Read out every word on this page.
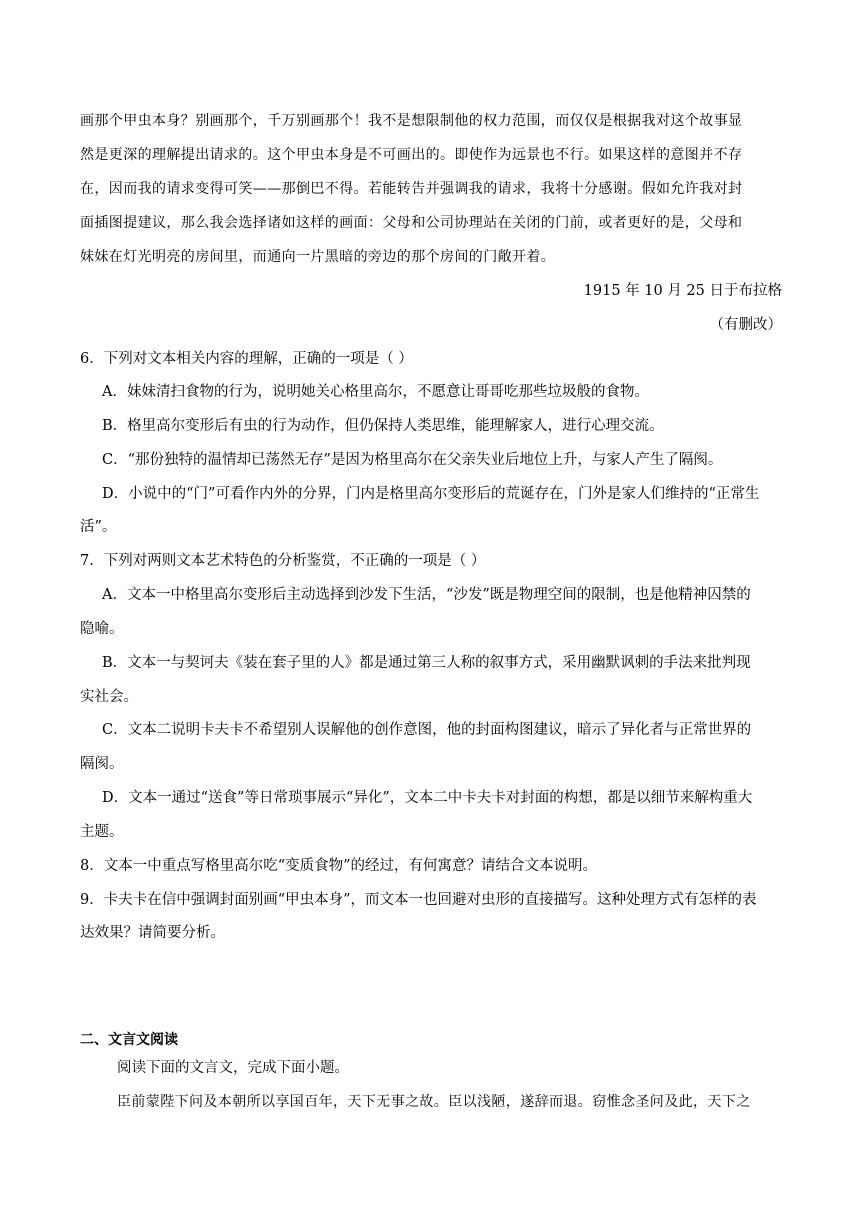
画那个甲虫本身？别画那个，千万别画那个！我不是想限制他的权力范围，而仅仅是根据我对这个故事显
然是更深的理解提出请求的。这个甲虫本身是不可画出的。即使作为远景也不行。如果这样的意图并不存
在，因而我的请求变得可笑——那倒巴不得。若能转告并强调我的请求，我将十分感谢。假如允许我对封
面插图提建议，那么我会选择诸如这样的画面：父母和公司协理站在关闭的门前，或者更好的是，父母和
妹妹在灯光明亮的房间里，而通向一片黑暗的旁边的那个房间的门敞开着。
1915 年 10 月 25 日于布拉格
（有删改）
6．下列对文本相关内容的理解，正确的一项是（ ）
A．妹妹清扫食物的行为，说明她关心格里高尔，不愿意让哥哥吃那些垃圾般的食物。
B．格里高尔变形后有虫的行为动作，但仍保持人类思维，能理解家人，进行心理交流。
C．“那份独特的温情却已荡然无存”是因为格里高尔在父亲失业后地位上升，与家人产生了隔阂。
D．小说中的“门”可看作内外的分界，门内是格里高尔变形后的荒诞存在，门外是家人们维持的“正常生
活”。
7．下列对两则文本艺术特色的分析鉴赏，不正确的一项是（ ）
A．文本一中格里高尔变形后主动选择到沙发下生活，“沙发”既是物理空间的限制，也是他精神囚禁的
隐喻。
B．文本一与契诃夫《装在套子里的人》都是通过第三人称的叙事方式，采用幽默讽刺的手法来批判现
实社会。
C．文本二说明卡夫卡不希望别人误解他的创作意图，他的封面构图建议，暗示了异化者与正常世界的
隔阂。
D．文本一通过“送食”等日常琐事展示“异化”，文本二中卡夫卡对封面的构想，都是以细节来解构重大
主题。
8．文本一中重点写格里高尔吃“变质食物”的经过，有何寓意？请结合文本说明。
9．卡夫卡在信中强调封面别画“甲虫本身”，而文本一也回避对虫形的直接描写。这种处理方式有怎样的表
达效果？请简要分析。
二、文言文阅读
阅读下面的文言文，完成下面小题。
臣前蒙陛下问及本朝所以享国百年，天下无事之故。臣以浅陋，遂辞而退。窃惟念圣问及此，天下之
